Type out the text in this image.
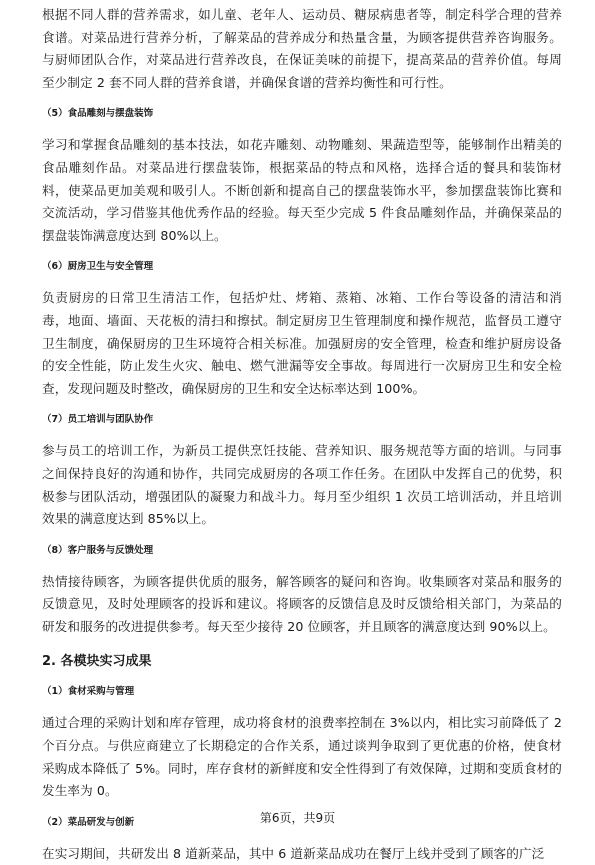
根据不同人群的营养需求，如儿童、老年人、运动员、糖尿病患者等，制定科学合理的营养食谱。对菜品进行营养分析，了解菜品的营养成分和热量含量，为顾客提供营养咨询服务。与厨师团队合作，对菜品进行营养改良，在保证美味的前提下，提高菜品的营养价值。每周至少制定 2 套不同人群的营养食谱，并确保食谱的营养均衡性和可行性。

（5）食品雕刻与摆盘装饰

学习和掌握食品雕刻的基本技法，如花卉雕刻、动物雕刻、果蔬造型等，能够制作出精美的食品雕刻作品。对菜品进行摆盘装饰，根据菜品的特点和风格，选择合适的餐具和装饰材料，使菜品更加美观和吸引人。不断创新和提高自己的摆盘装饰水平，参加摆盘装饰比赛和交流活动，学习借鉴其他优秀作品的经验。每天至少完成 5 件食品雕刻作品，并确保菜品的摆盘装饰满意度达到 80%以上。

（6）厨房卫生与安全管理

负责厨房的日常卫生清洁工作，包括炉灶、烤箱、蒸箱、冰箱、工作台等设备的清洁和消毒，地面、墙面、天花板的清扫和擦拭。制定厨房卫生管理制度和操作规范，监督员工遵守卫生制度，确保厨房的卫生环境符合相关标准。加强厨房的安全管理，检查和维护厨房设备的安全性能，防止发生火灾、触电、燃气泄漏等安全事故。每周进行一次厨房卫生和安全检查，发现问题及时整改，确保厨房的卫生和安全达标率达到 100%。

（7）员工培训与团队协作

参与员工的培训工作，为新员工提供烹饪技能、营养知识、服务规范等方面的培训。与同事之间保持良好的沟通和协作，共同完成厨房的各项工作任务。在团队中发挥自己的优势，积极参与团队活动，增强团队的凝聚力和战斗力。每月至少组织 1 次员工培训活动，并且培训效果的满意度达到 85%以上。

（8）客户服务与反馈处理

热情接待顾客，为顾客提供优质的服务，解答顾客的疑问和咨询。收集顾客对菜品和服务的反馈意见，及时处理顾客的投诉和建议。将顾客的反馈信息及时反馈给相关部门，为菜品的研发和服务的改进提供参考。每天至少接待 20 位顾客，并且顾客的满意度达到 90%以上。

2. 各模块实习成果
（1）食材采购与管理

通过合理的采购计划和库存管理，成功将食材的浪费率控制在 3%以内，相比实习前降低了 2 个百分点。与供应商建立了长期稳定的合作关系，通过谈判争取到了更优惠的价格，使食材采购成本降低了 5%。同时，库存食材的新鲜度和安全性得到了有效保障，过期和变质食材的发生率为 0。

（2）菜品研发与创新

在实习期间，共研发出 8 道新菜品，其中 6 道新菜品成功在餐厅上线并受到了顾客的广泛

第6页，共9页
